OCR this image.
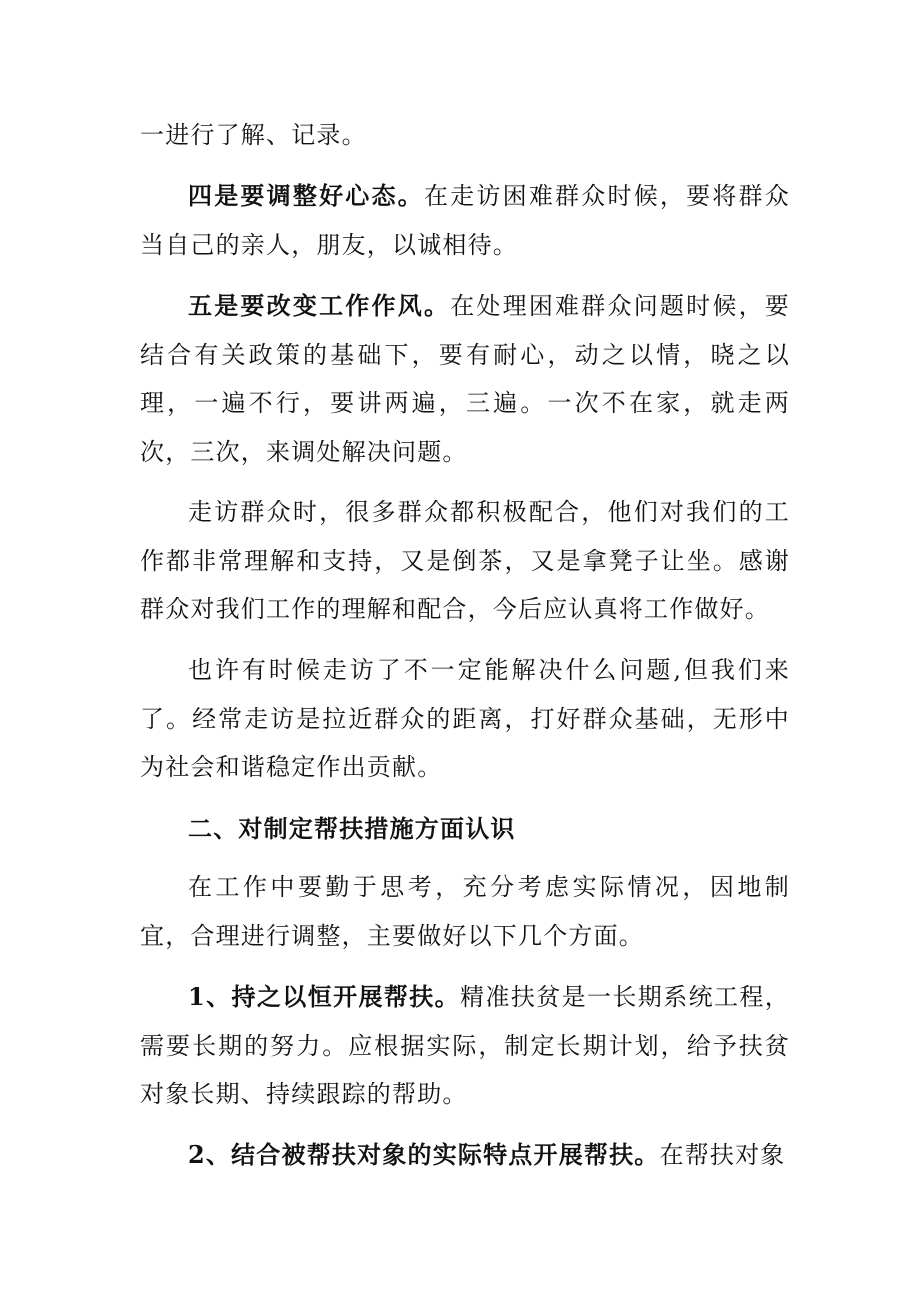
一进行了解、记录。

四是要调整好心态。在走访困难群众时候，要将群众当自己的亲人，朋友，以诚相待。

五是要改变工作作风。在处理困难群众问题时候，要结合有关政策的基础下，要有耐心，动之以情，晓之以理，一遍不行，要讲两遍，三遍。一次不在家，就走两次，三次，来调处解决问题。

走访群众时，很多群众都积极配合，他们对我们的工作都非常理解和支持，又是倒茶，又是拿凳子让坐。感谢群众对我们工作的理解和配合，今后应认真将工作做好。

也许有时候走访了不一定能解决什么问题,但我们来了。经常走访是拉近群众的距离，打好群众基础，无形中为社会和谐稳定作出贡献。

二、对制定帮扶措施方面认识

在工作中要勤于思考，充分考虑实际情况，因地制宜，合理进行调整，主要做好以下几个方面。

1、持之以恒开展帮扶。精准扶贫是一长期系统工程，需要长期的努力。应根据实际，制定长期计划，给予扶贫对象长期、持续跟踪的帮助。

2、结合被帮扶对象的实际特点开展帮扶。在帮扶对象
